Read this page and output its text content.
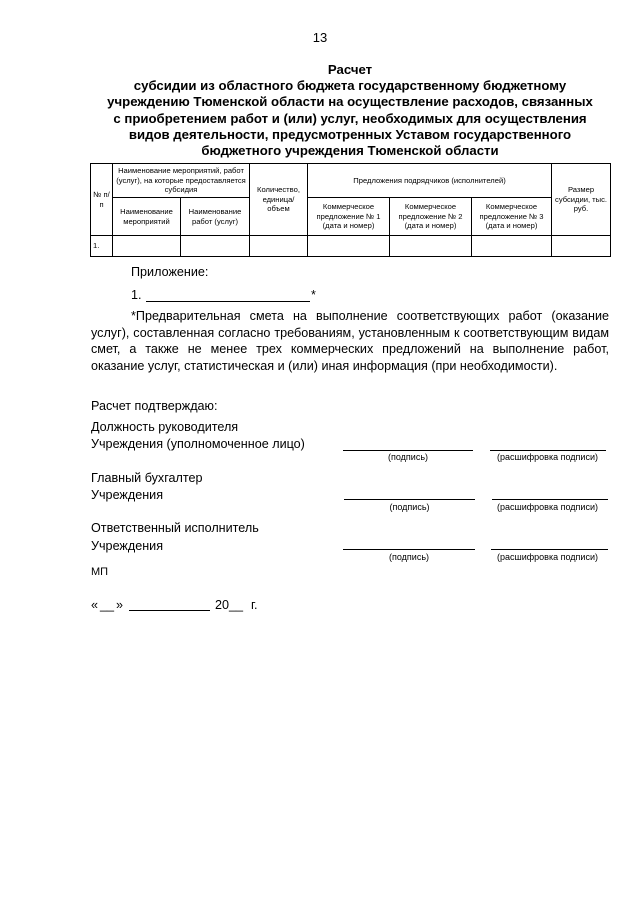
13
Расчет
субсидии из областного бюджета государственному бюджетному
учреждению Тюменской области на осуществление расходов, связанных
с приобретением работ и (или) услуг, необходимых для осуществления
видов деятельности, предусмотренных Уставом государственного
бюджетного учреждения Тюменской области
№ п/п	Наименование мероприятий, работ (услуг), на которые предоставляется субсидия		Количество, единица/ объем	Предложения подрядчиков (исполнителей)			Размер субсидии, тыс. руб.
	Наименование мероприятий	Наименование работ (услуг)		Коммерческое предложение № 1 (дата и номер)	Коммерческое предложение № 2 (дата и номер)	Коммерческое предложение № 3 (дата и номер)	
1.							
Приложение:
1.	*
*Предварительная смета на выполнение соответствующих работ (оказание услуг), составленная согласно требованиям, установленным к соответствующим видам смет, а также не менее трех коммерческих предложений на выполнение работ, оказание услуг, статистическая и (или) иная информация (при необходимости).
Расчет подтверждаю:
Должность руководителя
Учреждения (уполномоченное лицо)
(подпись)	(расшифровка подписи)
Главный бухгалтер
Учреждения
(подпись)	(расшифровка подписи)
Ответственный исполнитель
Учреждения
(подпись)	(расшифровка подписи)
МП
« __ »	20 __ г.
